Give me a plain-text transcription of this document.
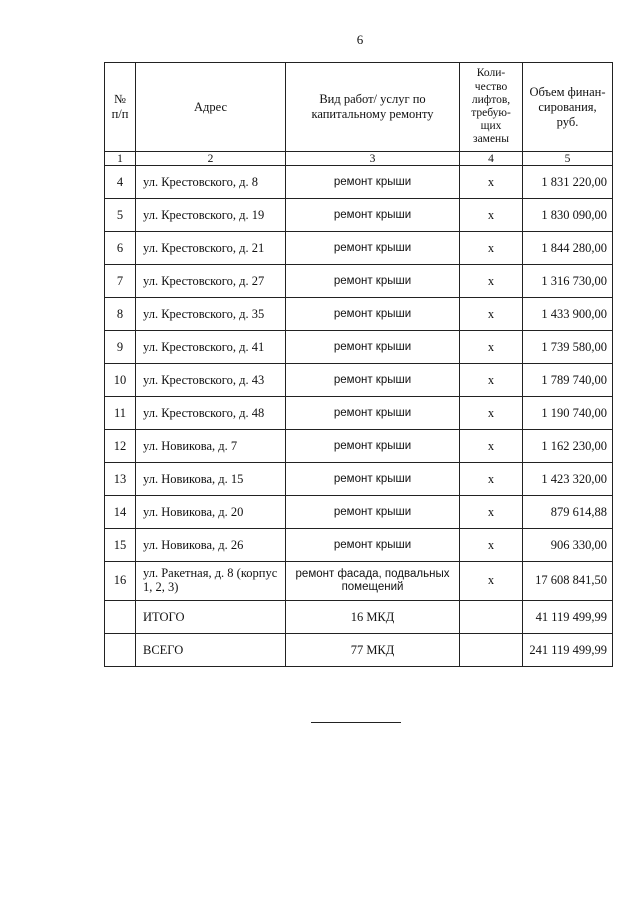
6
№ п/п	Адрес	Вид работ/ услуг по капитальному ремонту	Коли- чество лифтов, требую- щих замены	Объем финан- сирования, руб.
1	2	3	4	5
4	ул. Крестовского, д. 8	ремонт крыши	х	1 831 220,00
5	ул. Крестовского, д. 19	ремонт крыши	х	1 830 090,00
6	ул. Крестовского, д. 21	ремонт крыши	х	1 844 280,00
7	ул. Крестовского, д. 27	ремонт крыши	х	1 316 730,00
8	ул. Крестовского, д. 35	ремонт крыши	х	1 433 900,00
9	ул. Крестовского, д. 41	ремонт крыши	х	1 739 580,00
10	ул. Крестовского, д. 43	ремонт крыши	х	1 789 740,00
11	ул. Крестовского, д. 48	ремонт крыши	х	1 190 740,00
12	ул. Новикова, д. 7	ремонт крыши	х	1 162 230,00
13	ул. Новикова, д. 15	ремонт крыши	х	1 423 320,00
14	ул. Новикова, д. 20	ремонт крыши	х	879 614,88
15	ул. Новикова, д. 26	ремонт крыши	х	906 330,00
16	ул. Ракетная, д. 8 (корпус 1, 2, 3)	ремонт фасада, подвальных помещений	х	17 608 841,50
	ИТОГО	16 МКД		41 119 499,99
	ВСЕГО	77 МКД		241 119 499,99
